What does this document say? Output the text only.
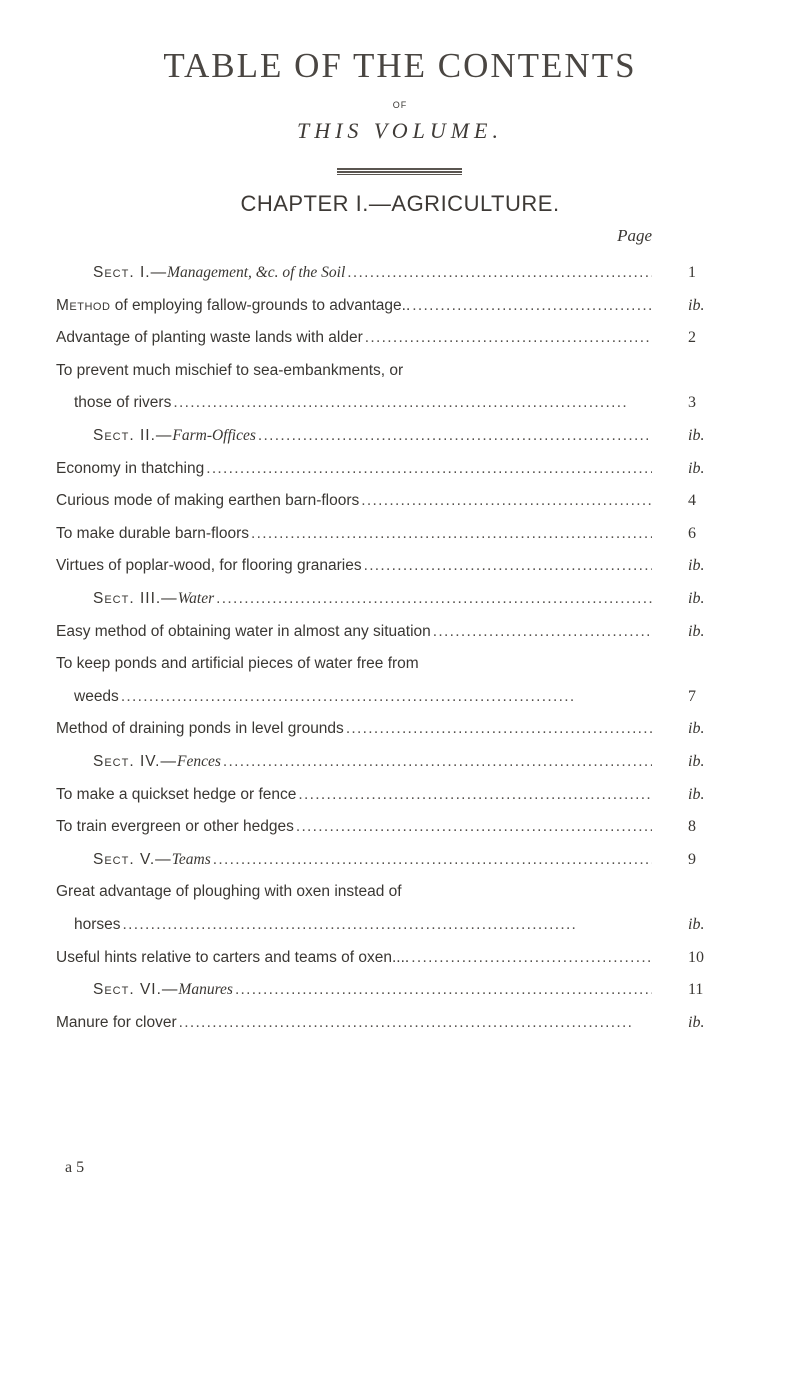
TABLE OF THE CONTENTS
OF
THIS VOLUME.
CHAPTER I.—AGRICULTURE.
Page
Sect. I.—Management, &c. of the Soil . . .	1
Method of employing fallow-grounds to advantage.. . . .	ib.
Advantage of planting waste lands with alder . . .	2
To prevent much mischief to sea-embankments, or
those of rivers . . .	3
Sect. II.—Farm-Offices . . .	ib.
Economy in thatching . . .	ib.
Curious mode of making earthen barn-floors . . .	4
To make durable barn-floors . . .	6
Virtues of poplar-wood, for flooring granaries . . .	ib.
Sect. III.—Water . . .	ib.
Easy method of obtaining water in almost any situation . . .	ib.
To keep ponds and artificial pieces of water free from
weeds . . .	7
Method of draining ponds in level grounds . . .	ib.
Sect. IV.—Fences . . .	ib.
To make a quickset hedge or fence . . .	ib.
To train evergreen or other hedges . . .	8
Sect. V.—Teams . . .	9
Great advantage of ploughing with oxen instead of
horses . . .	ib.
Useful hints relative to carters and teams of oxen.... . . .	10
Sect. VI.—Manures . . .	11
Manure for clover . . .	ib.
a 5
